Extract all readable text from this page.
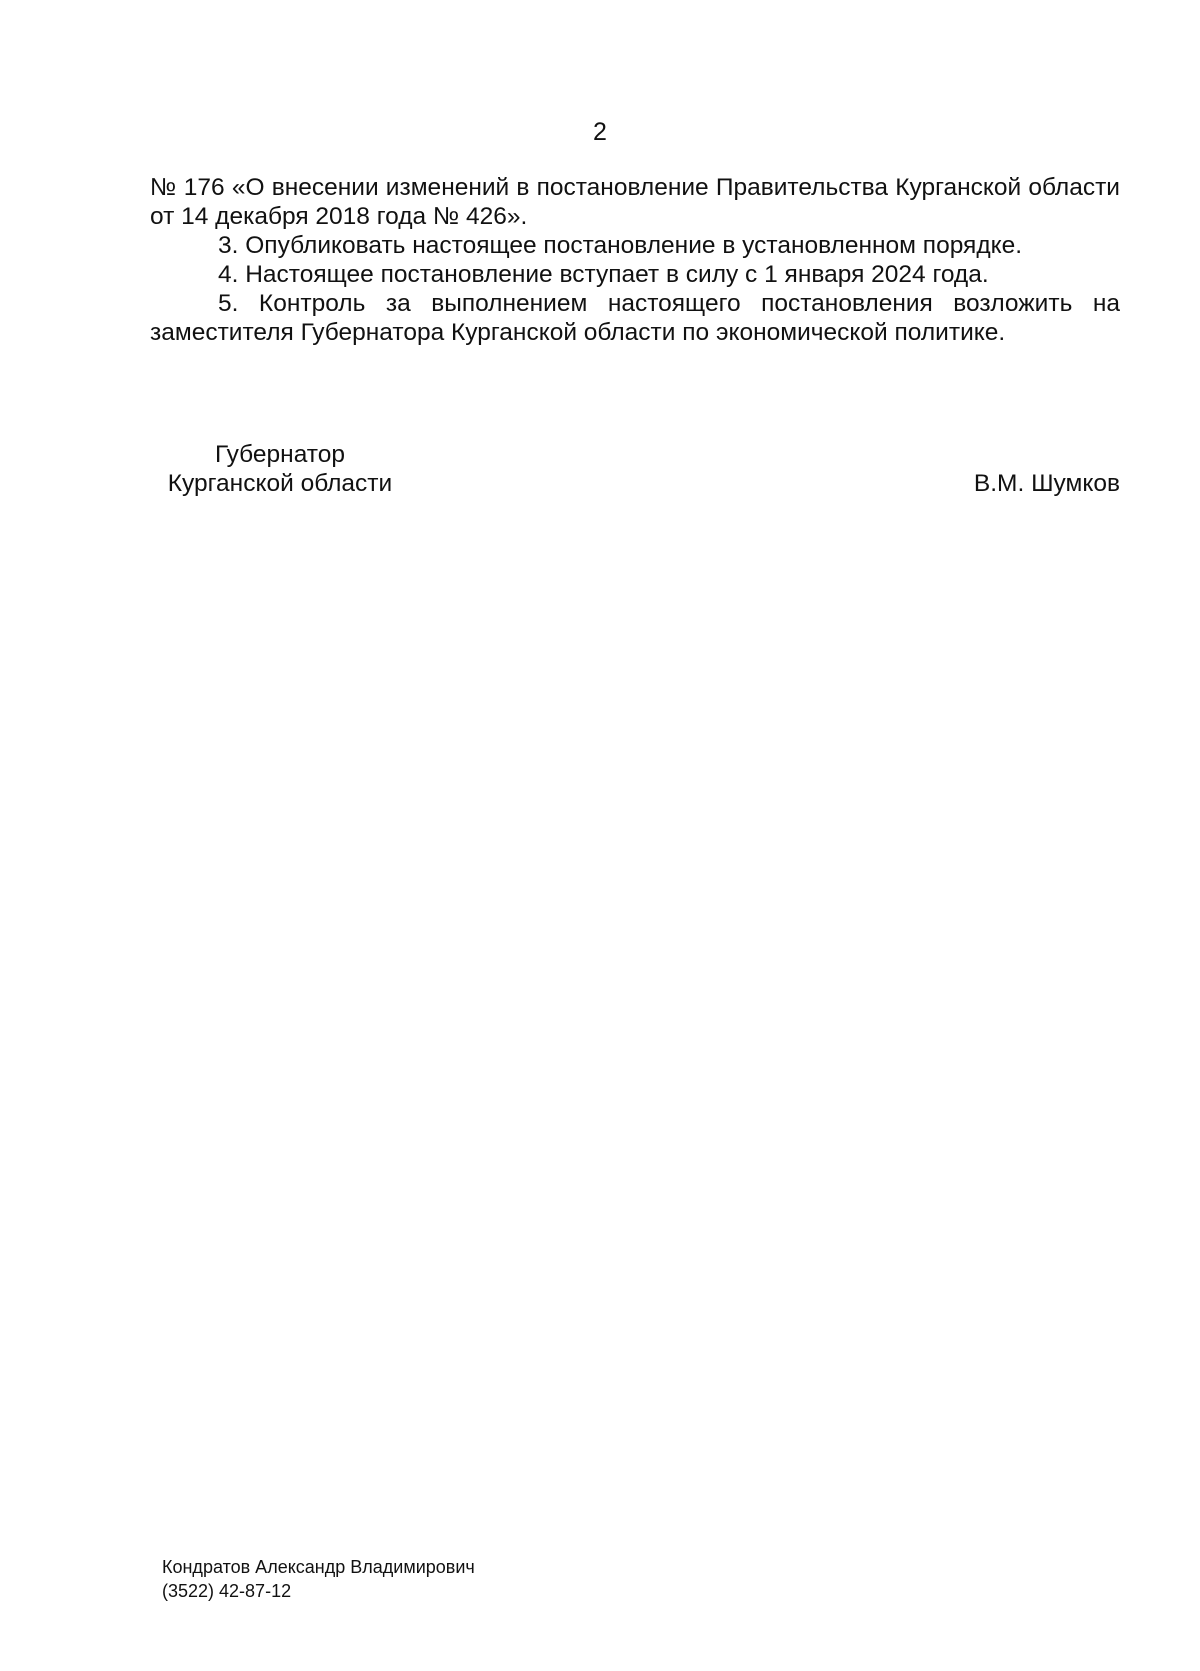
2

№ 176 «О внесении изменений в постановление Правительства Курганской области от 14 декабря 2018 года № 426».

3. Опубликовать настоящее постановление в установленном порядке.

4. Настоящее постановление вступает в силу с 1 января 2024 года.

5. Контроль за выполнением настоящего постановления возложить на заместителя Губернатора Курганской области по экономической политике.

Губернатор
Курганской области	В.М. Шумков
Кондратов Александр Владимирович
(3522) 42-87-12
